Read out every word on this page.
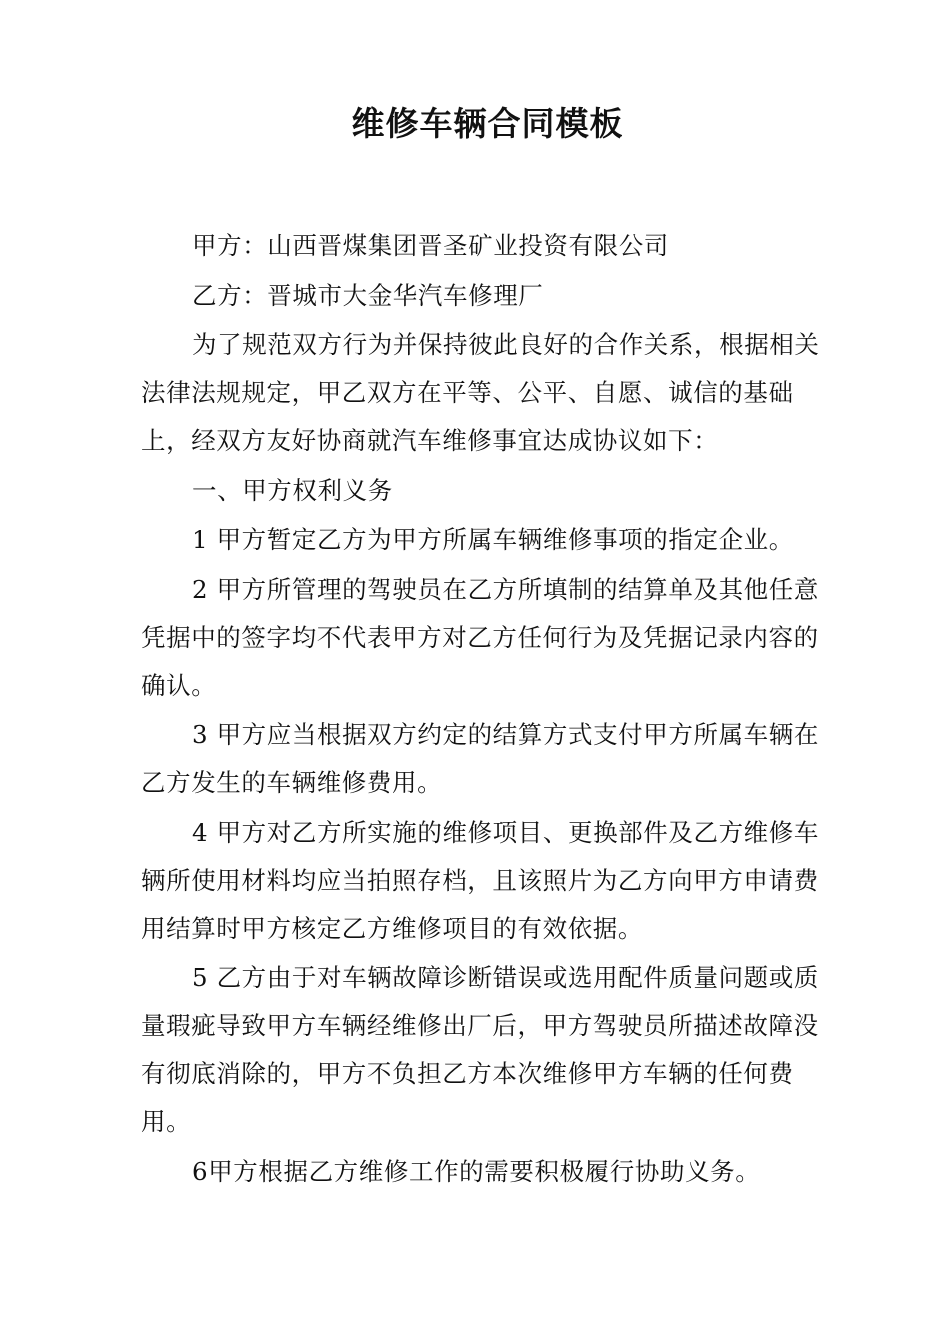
维修车辆合同模板

甲方：山西晋煤集团晋圣矿业投资有限公司

乙方：晋城市大金华汽车修理厂

为了规范双方行为并保持彼此良好的合作关系，根据相关法律法规规定，甲乙双方在平等、公平、自愿、诚信的基础上，经双方友好协商就汽车维修事宜达成协议如下：

一、甲方权利义务

1 甲方暂定乙方为甲方所属车辆维修事项的指定企业。

2 甲方所管理的驾驶员在乙方所填制的结算单及其他任意凭据中的签字均不代表甲方对乙方任何行为及凭据记录内容的确认。

3 甲方应当根据双方约定的结算方式支付甲方所属车辆在乙方发生的车辆维修费用。

4 甲方对乙方所实施的维修项目、更换部件及乙方维修车辆所使用材料均应当拍照存档，且该照片为乙方向甲方申请费用结算时甲方核定乙方维修项目的有效依据。

5 乙方由于对车辆故障诊断错误或选用配件质量问题或质量瑕疵导致甲方车辆经维修出厂后，甲方驾驶员所描述故障没有彻底消除的，甲方不负担乙方本次维修甲方车辆的任何费用。

6甲方根据乙方维修工作的需要积极履行协助义务。
